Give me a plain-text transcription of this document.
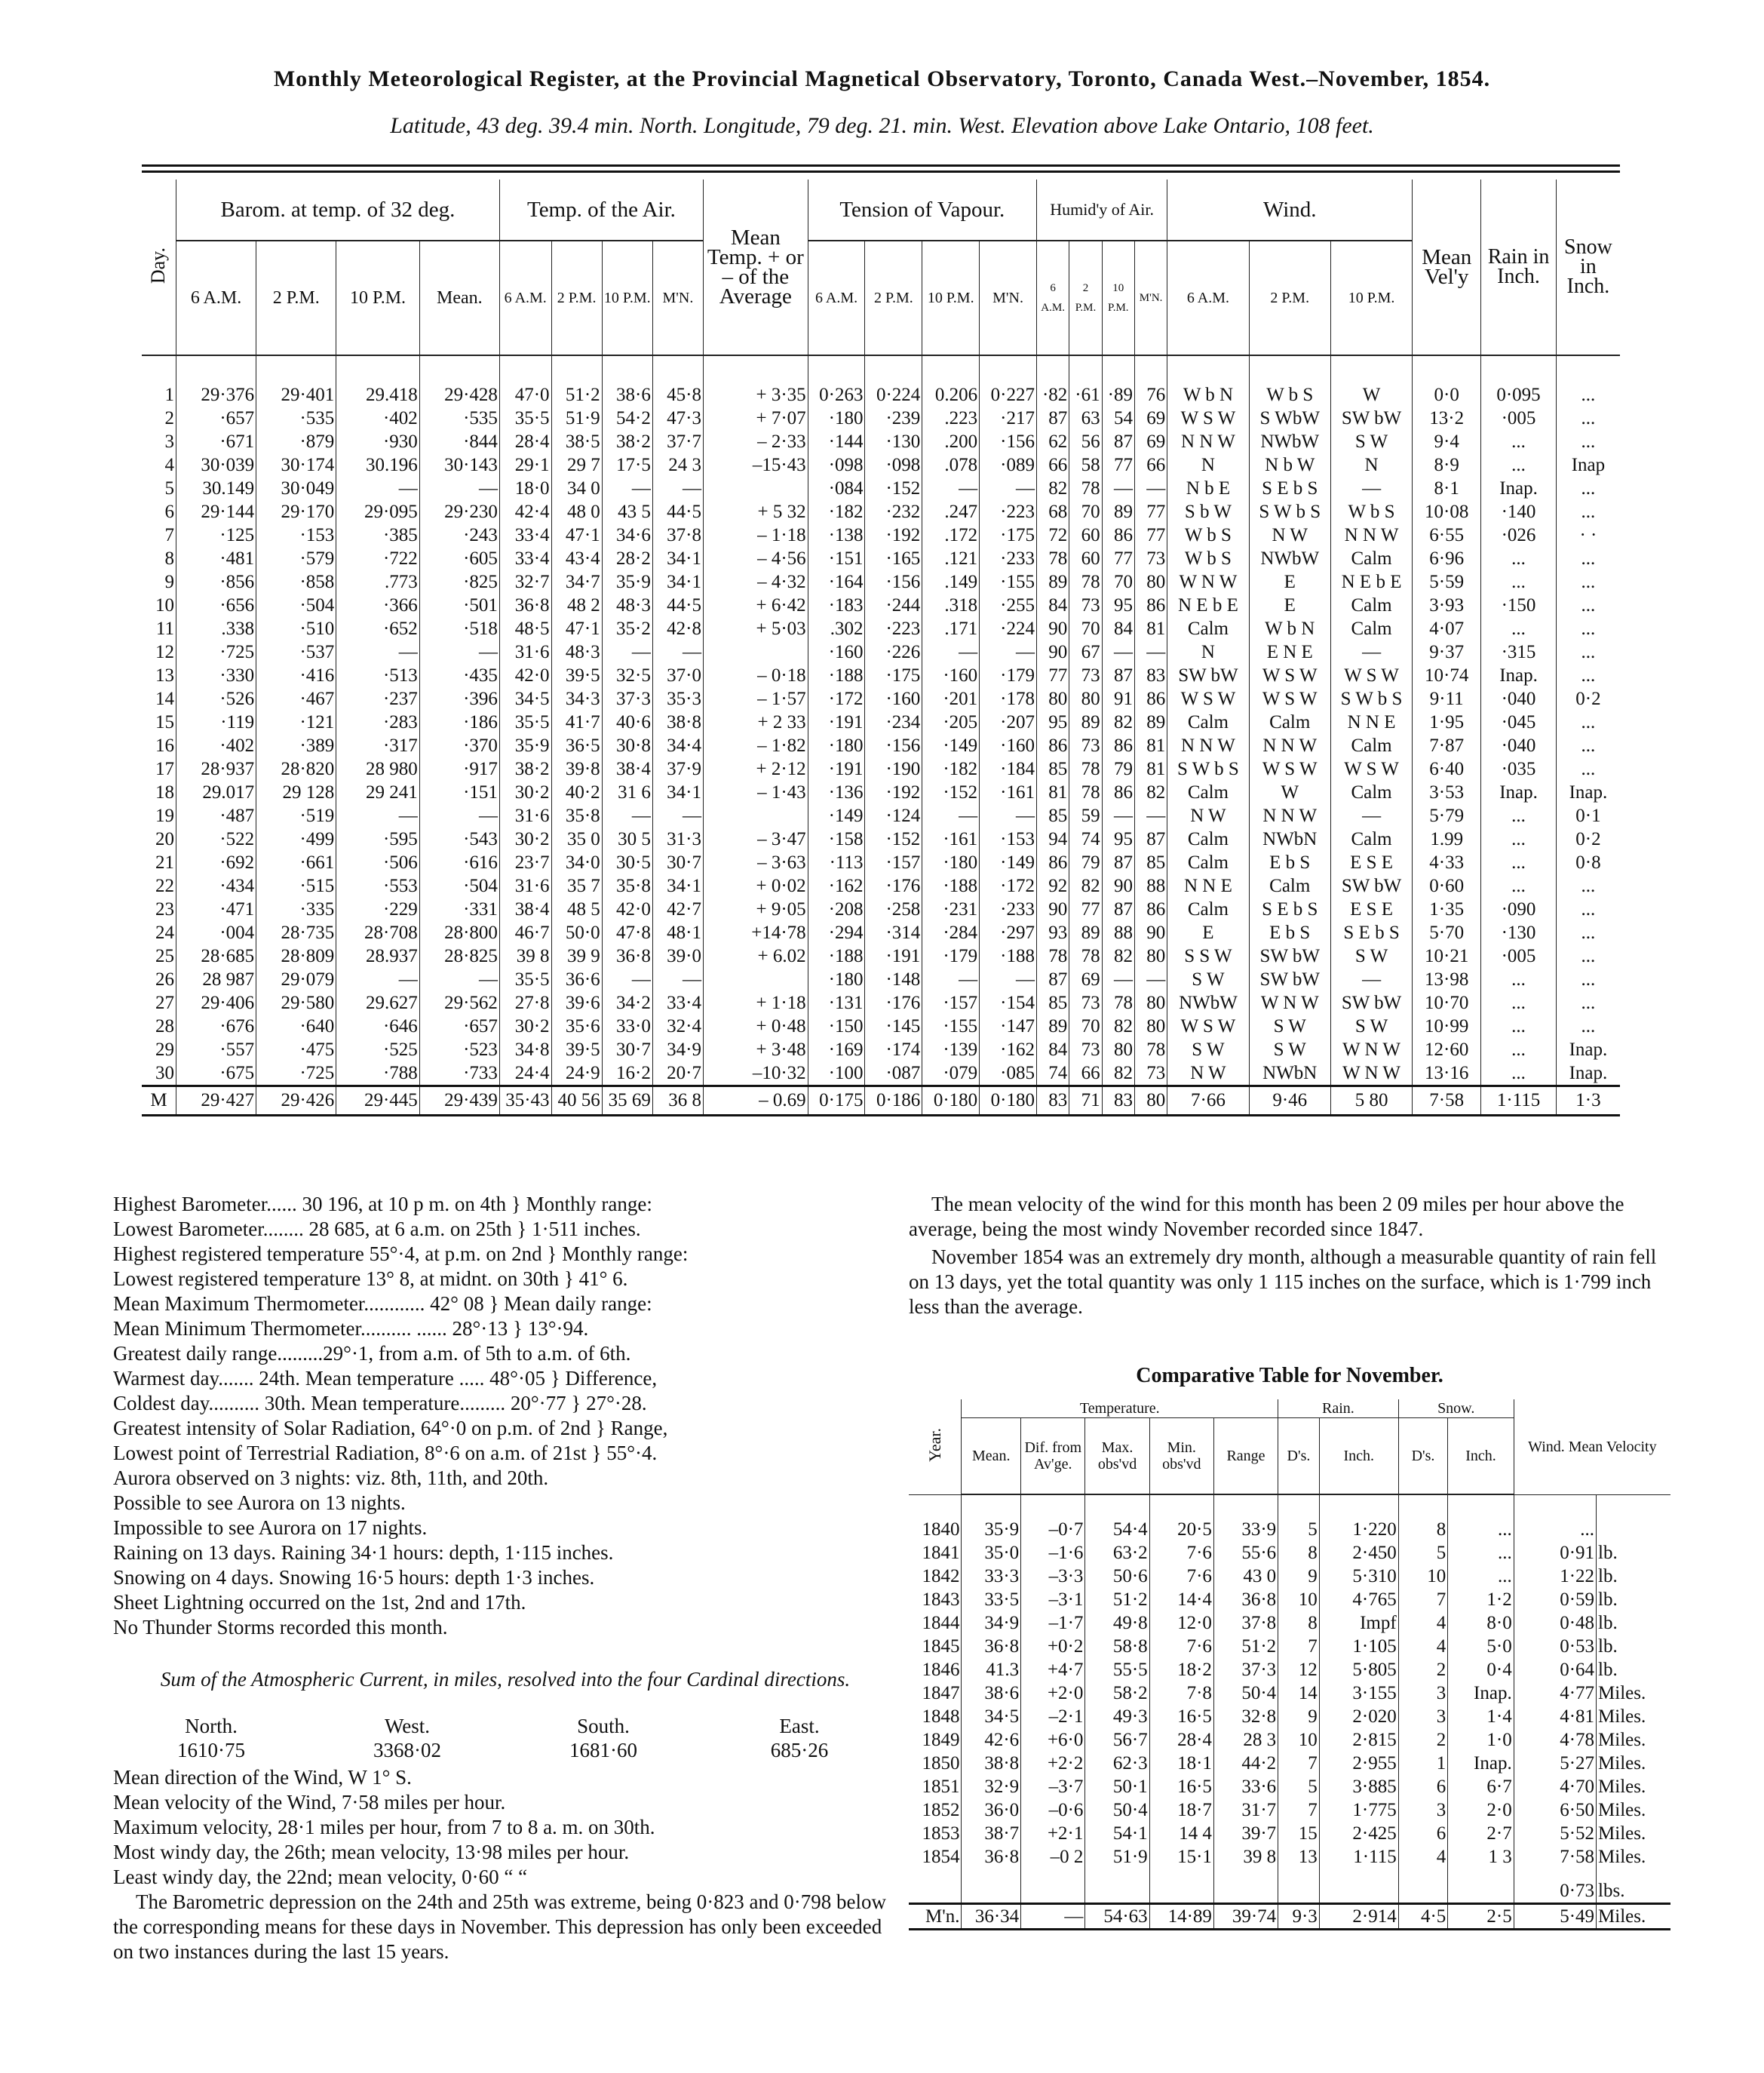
Monthly Meteorological Register, at the Provincial Magnetical Observatory, Toronto, Canada West.–November, 1854.
Latitude, 43 deg. 39.4 min. North. Longitude, 79 deg. 21. min. West. Elevation above Lake Ontario, 108 feet.
Day.	Barom. at temp. of 32 deg.				Temp. of the Air.				Mean Temp. + or – of the Average	Tension of Vapour.				Humid'y of Air.				Wind.			Mean Vel'y	Rain in Inch.	Snow in Inch.
	6 A.M.	2 P.M.	10 P.M.	Mean.	6 A.M.	2 P.M.	10 P.M.	M'N.		6 A.M.	2 P.M.	10 P.M.	M'N.	6 A.M.	2 P.M.	10 P.M.	M'N.	6 A.M.	2 P.M.	10 P.M.			
1	29·376	29·401	29.418	29·428	47·0	51·2	38·6	45·8	+ 3·35	0·263	0·224	0.206	0·227	·82	·61	·89	76	W b N	W b S	W	0·0	0·095	...
2	·657	·535	·402	·535	35·5	51·9	54·2	47·3	+ 7·07	·180	·239	.223	·217	87	63	54	69	W S W	S WbW	SW bW	13·2	·005	...
3	·671	·879	·930	·844	28·4	38·5	38·2	37·7	– 2·33	·144	·130	.200	·156	62	56	87	69	N N W	NWbW	S W	9·4	...	...
4	30·039	30·174	30.196	30·143	29·1	29 7	17·5	24 3	–15·43	·098	·098	.078	·089	66	58	77	66	N	N b W	N	8·9	...	Inap
5	30.149	30·049	—	—	18·0	34 0	—	—		·084	·152	—	—	82	78	—	—	N b E	S E b S	—	8·1	Inap.	...
6	29·144	29·170	29·095	29·230	42·4	48 0	43 5	44·5	+ 5 32	·182	·232	.247	·223	68	70	89	77	S b W	S W b S	W b S	10·08	·140	...
7	·125	·153	·385	·243	33·4	47·1	34·6	37·8	– 1·18	·138	·192	.172	·175	72	60	86	77	W b S	N W	N N W	6·55	·026	· ·
8	·481	·579	·722	·605	33·4	43·4	28·2	34·1	– 4·56	·151	·165	.121	·233	78	60	77	73	W b S	NWbW	Calm	6·96	...	...
9	·856	·858	.773	·825	32·7	34·7	35·9	34·1	– 4·32	·164	·156	.149	·155	89	78	70	80	W N W	E	N E b E	5·59	...	...
10	·656	·504	·366	·501	36·8	48 2	48·3	44·5	+ 6·42	·183	·244	.318	·255	84	73	95	86	N E b E	E	Calm	3·93	·150	...
11	.338	·510	·652	·518	48·5	47·1	35·2	42·8	+ 5·03	.302	·223	.171	·224	90	70	84	81	Calm	W b N	Calm	4·07	...	...
12	·725	·537	—	—	31·6	48·3	—	—		·160	·226	—	—	90	67	—	—	N	E N E	—	9·37	·315	...
13	·330	·416	·513	·435	42·0	39·5	32·5	37·0	– 0·18	·188	·175	·160	·179	77	73	87	83	SW bW	W S W	W S W	10·74	Inap.	...
14	·526	·467	·237	·396	34·5	34·3	37·3	35·3	– 1·57	·172	·160	·201	·178	80	80	91	86	W S W	W S W	S W b S	9·11	·040	0·2
15	·119	·121	·283	·186	35·5	41·7	40·6	38·8	+ 2 33	·191	·234	·205	·207	95	89	82	89	Calm	Calm	N N E	1·95	·045	...
16	·402	·389	·317	·370	35·9	36·5	30·8	34·4	– 1·82	·180	·156	·149	·160	86	73	86	81	N N W	N N W	Calm	7·87	·040	...
17	28·937	28·820	28 980	·917	38·2	39·8	38·4	37·9	+ 2·12	·191	·190	·182	·184	85	78	79	81	S W b S	W S W	W S W	6·40	·035	...
18	29.017	29 128	29 241	·151	30·2	40·2	31 6	34·1	– 1·43	·136	·192	·152	·161	81	78	86	82	Calm	W	Calm	3·53	Inap.	Inap.
19	·487	·519	—	—	31·6	35·8	—	—		·149	·124	—	—	85	59	—	—	N W	N N W	—	5·79	...	0·1
20	·522	·499	·595	·543	30·2	35 0	30 5	31·3	– 3·47	·158	·152	·161	·153	94	74	95	87	Calm	NWbN	Calm	1.99	...	0·2
21	·692	·661	·506	·616	23·7	34·0	30·5	30·7	– 3·63	·113	·157	·180	·149	86	79	87	85	Calm	E b S	E S E	4·33	...	0·8
22	·434	·515	·553	·504	31·6	35 7	35·8	34·1	+ 0·02	·162	·176	·188	·172	92	82	90	88	N N E	Calm	SW bW	0·60	...	...
23	·471	·335	·229	·331	38·4	48 5	42·0	42·7	+ 9·05	·208	·258	·231	·233	90	77	87	86	Calm	S E b S	E S E	1·35	·090	...
24	·004	28·735	28·708	28·800	46·7	50·0	47·8	48·1	+14·78	·294	·314	·284	·297	93	89	88	90	E	E b S	S E b S	5·70	·130	...
25	28·685	28·809	28.937	28·825	39 8	39 9	36·8	39·0	+ 6.02	·188	·191	·179	·188	78	78	82	80	S S W	SW bW	S W	10·21	·005	...
26	28 987	29·079	—	—	35·5	36·6	—	—		·180	·148	—	—	87	69	—	—	S W	SW bW	—	13·98	...	...
27	29·406	29·580	29.627	29·562	27·8	39·6	34·2	33·4	+ 1·18	·131	·176	·157	·154	85	73	78	80	NWbW	W N W	SW bW	10·70	...	...
28	·676	·640	·646	·657	30·2	35·6	33·0	32·4	+ 0·48	·150	·145	·155	·147	89	70	82	80	W S W	S W	S W	10·99	...	...
29	·557	·475	·525	·523	34·8	39·5	30·7	34·9	+ 3·48	·169	·174	·139	·162	84	73	80	78	S W	S W	W N W	12·60	...	Inap.
30	·675	·725	·788	·733	24·4	24·9	16·2	20·7	–10·32	·100	·087	·079	·085	74	66	82	73	N W	NWbN	W N W	13·16	...	Inap.
M	29·427	29·426	29·445	29·439	35·43	40 56	35 69	36 8	– 0.69	0·175	0·186	0·180	0·180	83	71	83	80	7·66	9·46	5 80	7·58	1·115	1·3
Highest Barometer...... 30 196, at 10 p m. on 4th } Monthly range:
Lowest Barometer........ 28 685, at 6 a.m. on 25th } 1·511 inches.
Highest registered temperature 55°·4, at p.m. on 2nd } Monthly range:
Lowest registered temperature 13° 8, at midnt. on 30th } 41° 6.
Mean Maximum Thermometer............ 42° 08 } Mean daily range:
Mean Minimum Thermometer.......... ...... 28°·13 } 13°·94.
Greatest daily range.........29°·1, from a.m. of 5th to a.m. of 6th.
Warmest day....... 24th. Mean temperature ..... 48°·05 } Difference,
Coldest day.......... 30th. Mean temperature......... 20°·77 } 27°·28.
Greatest intensity of Solar Radiation, 64°·0 on p.m. of 2nd } Range,
Lowest point of Terrestrial Radiation, 8°·6 on a.m. of 21st } 55°·4.
Aurora observed on 3 nights: viz. 8th, 11th, and 20th.
Possible to see Aurora on 13 nights.
Impossible to see Aurora on 17 nights.
Raining on 13 days. Raining 34·1 hours: depth, 1·115 inches.
Snowing on 4 days. Snowing 16·5 hours: depth 1·3 inches.
Sheet Lightning occurred on the 1st, 2nd and 17th.
No Thunder Storms recorded this month.
Sum of the Atmospheric Current, in miles, resolved into the four Cardinal directions.
North.	West.	South.	East.
1610·75	3368·02	1681·60	685·26
Mean direction of the Wind, W 1° S.
Mean velocity of the Wind, 7·58 miles per hour.
Maximum velocity, 28·1 miles per hour, from 7 to 8 a. m. on 30th.
Most windy day, the 26th; mean velocity, 13·98 miles per hour.
Least windy day, the 22nd; mean velocity, 0·60 “ “

The Barometric depression on the 24th and 25th was extreme, being 0·823 and 0·798 below the corresponding means for these days in November. This depression has only been exceeded on two instances during the last 15 years.

The mean velocity of the wind for this month has been 2 09 miles per hour above the average, being the most windy November recorded since 1847.

November 1854 was an extremely dry month, although a measurable quantity of rain fell on 13 days, yet the total quantity was only 1 115 inches on the surface, which is 1·799 inch less than the average.

Comparative Table for November.
Year.	Temperature.					Rain.		Snow.		Wind. Mean Velocity	
	Mean.	Dif. from Av'ge.	Max. obs'vd	Min. obs'vd	Range	D's.	Inch.	D's.	Inch.		
1840	35·9	–0·7	54·4	20·5	33·9	5	1·220	8	...	...	
1841	35·0	–1·6	63·2	7·6	55·6	8	2·450	5	...	0·91	lb.
1842	33·3	–3·3	50·6	7·6	43 0	9	5·310	10	...	1·22	lb.
1843	33·5	–3·1	51·2	14·4	36·8	10	4·765	7	1·2	0·59	lb.
1844	34·9	–1·7	49·8	12·0	37·8	8	Impf	4	8·0	0·48	lb.
1845	36·8	+0·2	58·8	7·6	51·2	7	1·105	4	5·0	0·53	lb.
1846	41.3	+4·7	55·5	18·2	37·3	12	5·805	2	0·4	0·64	lb.
1847	38·6	+2·0	58·2	7·8	50·4	14	3·155	3	Inap.	4·77	Miles.
1848	34·5	–2·1	49·3	16·5	32·8	9	2·020	3	1·4	4·81	Miles.
1849	42·6	+6·0	56·7	28·4	28 3	10	2·815	2	1·0	4·78	Miles.
1850	38·8	+2·2	62·3	18·1	44·2	7	2·955	1	Inap.	5·27	Miles.
1851	32·9	–3·7	50·1	16·5	33·6	5	3·885	6	6·7	4·70	Miles.
1852	36·0	–0·6	50·4	18·7	31·7	7	1·775	3	2·0	6·50	Miles.
1853	38·7	+2·1	54·1	14 4	39·7	15	2·425	6	2·7	5·52	Miles.
1854	36·8	–0 2	51·9	15·1	39 8	13	1·115	4	1 3	7·58	Miles.

										0·73	lbs.
M'n.	36·34	—	54·63	14·89	39·74	9·3	2·914	4·5	2·5	5·49	Miles.
